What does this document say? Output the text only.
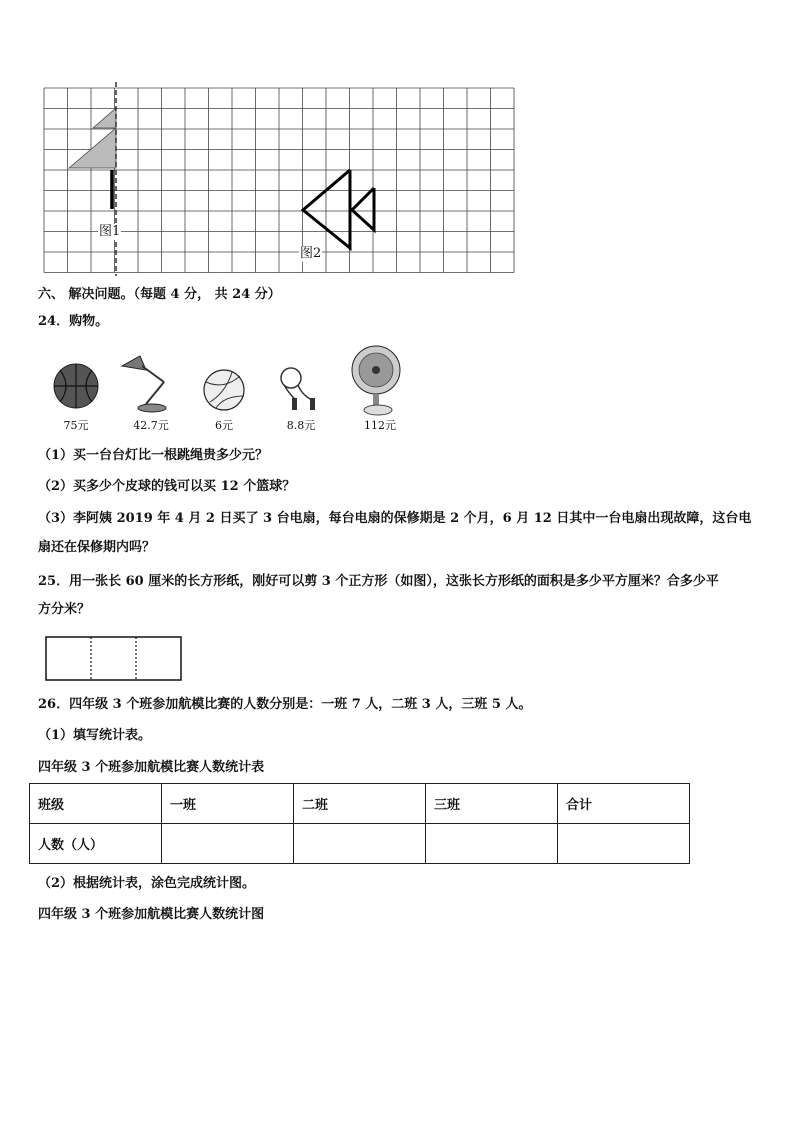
图1
图2
六、 解决问题。（每题 4 分， 共 24 分）
24．购物。
75元	42.7元	6元	8.8元	112元
（1）买一台台灯比一根跳绳贵多少元？
（2）买多少个皮球的钱可以买 12 个篮球？
（3）李阿姨 2019 年 4 月 2 日买了 3 台电扇，每台电扇的保修期是 2 个月，6 月 12 日其中一台电扇出现故障，这台电
扇还在保修期内吗？
25．用一张长 60 厘米的长方形纸，刚好可以剪 3 个正方形（如图），这张长方形纸的面积是多少平方厘米？合多少平
方分米？
26．四年级 3 个班参加航模比赛的人数分别是：一班 7 人，二班 3 人，三班 5 人。
（1）填写统计表。
四年级 3 个班参加航模比赛人数统计表
班级	一班	二班	三班	合计
人数（人）				
（2）根据统计表，涂色完成统计图。
四年级 3 个班参加航模比赛人数统计图
